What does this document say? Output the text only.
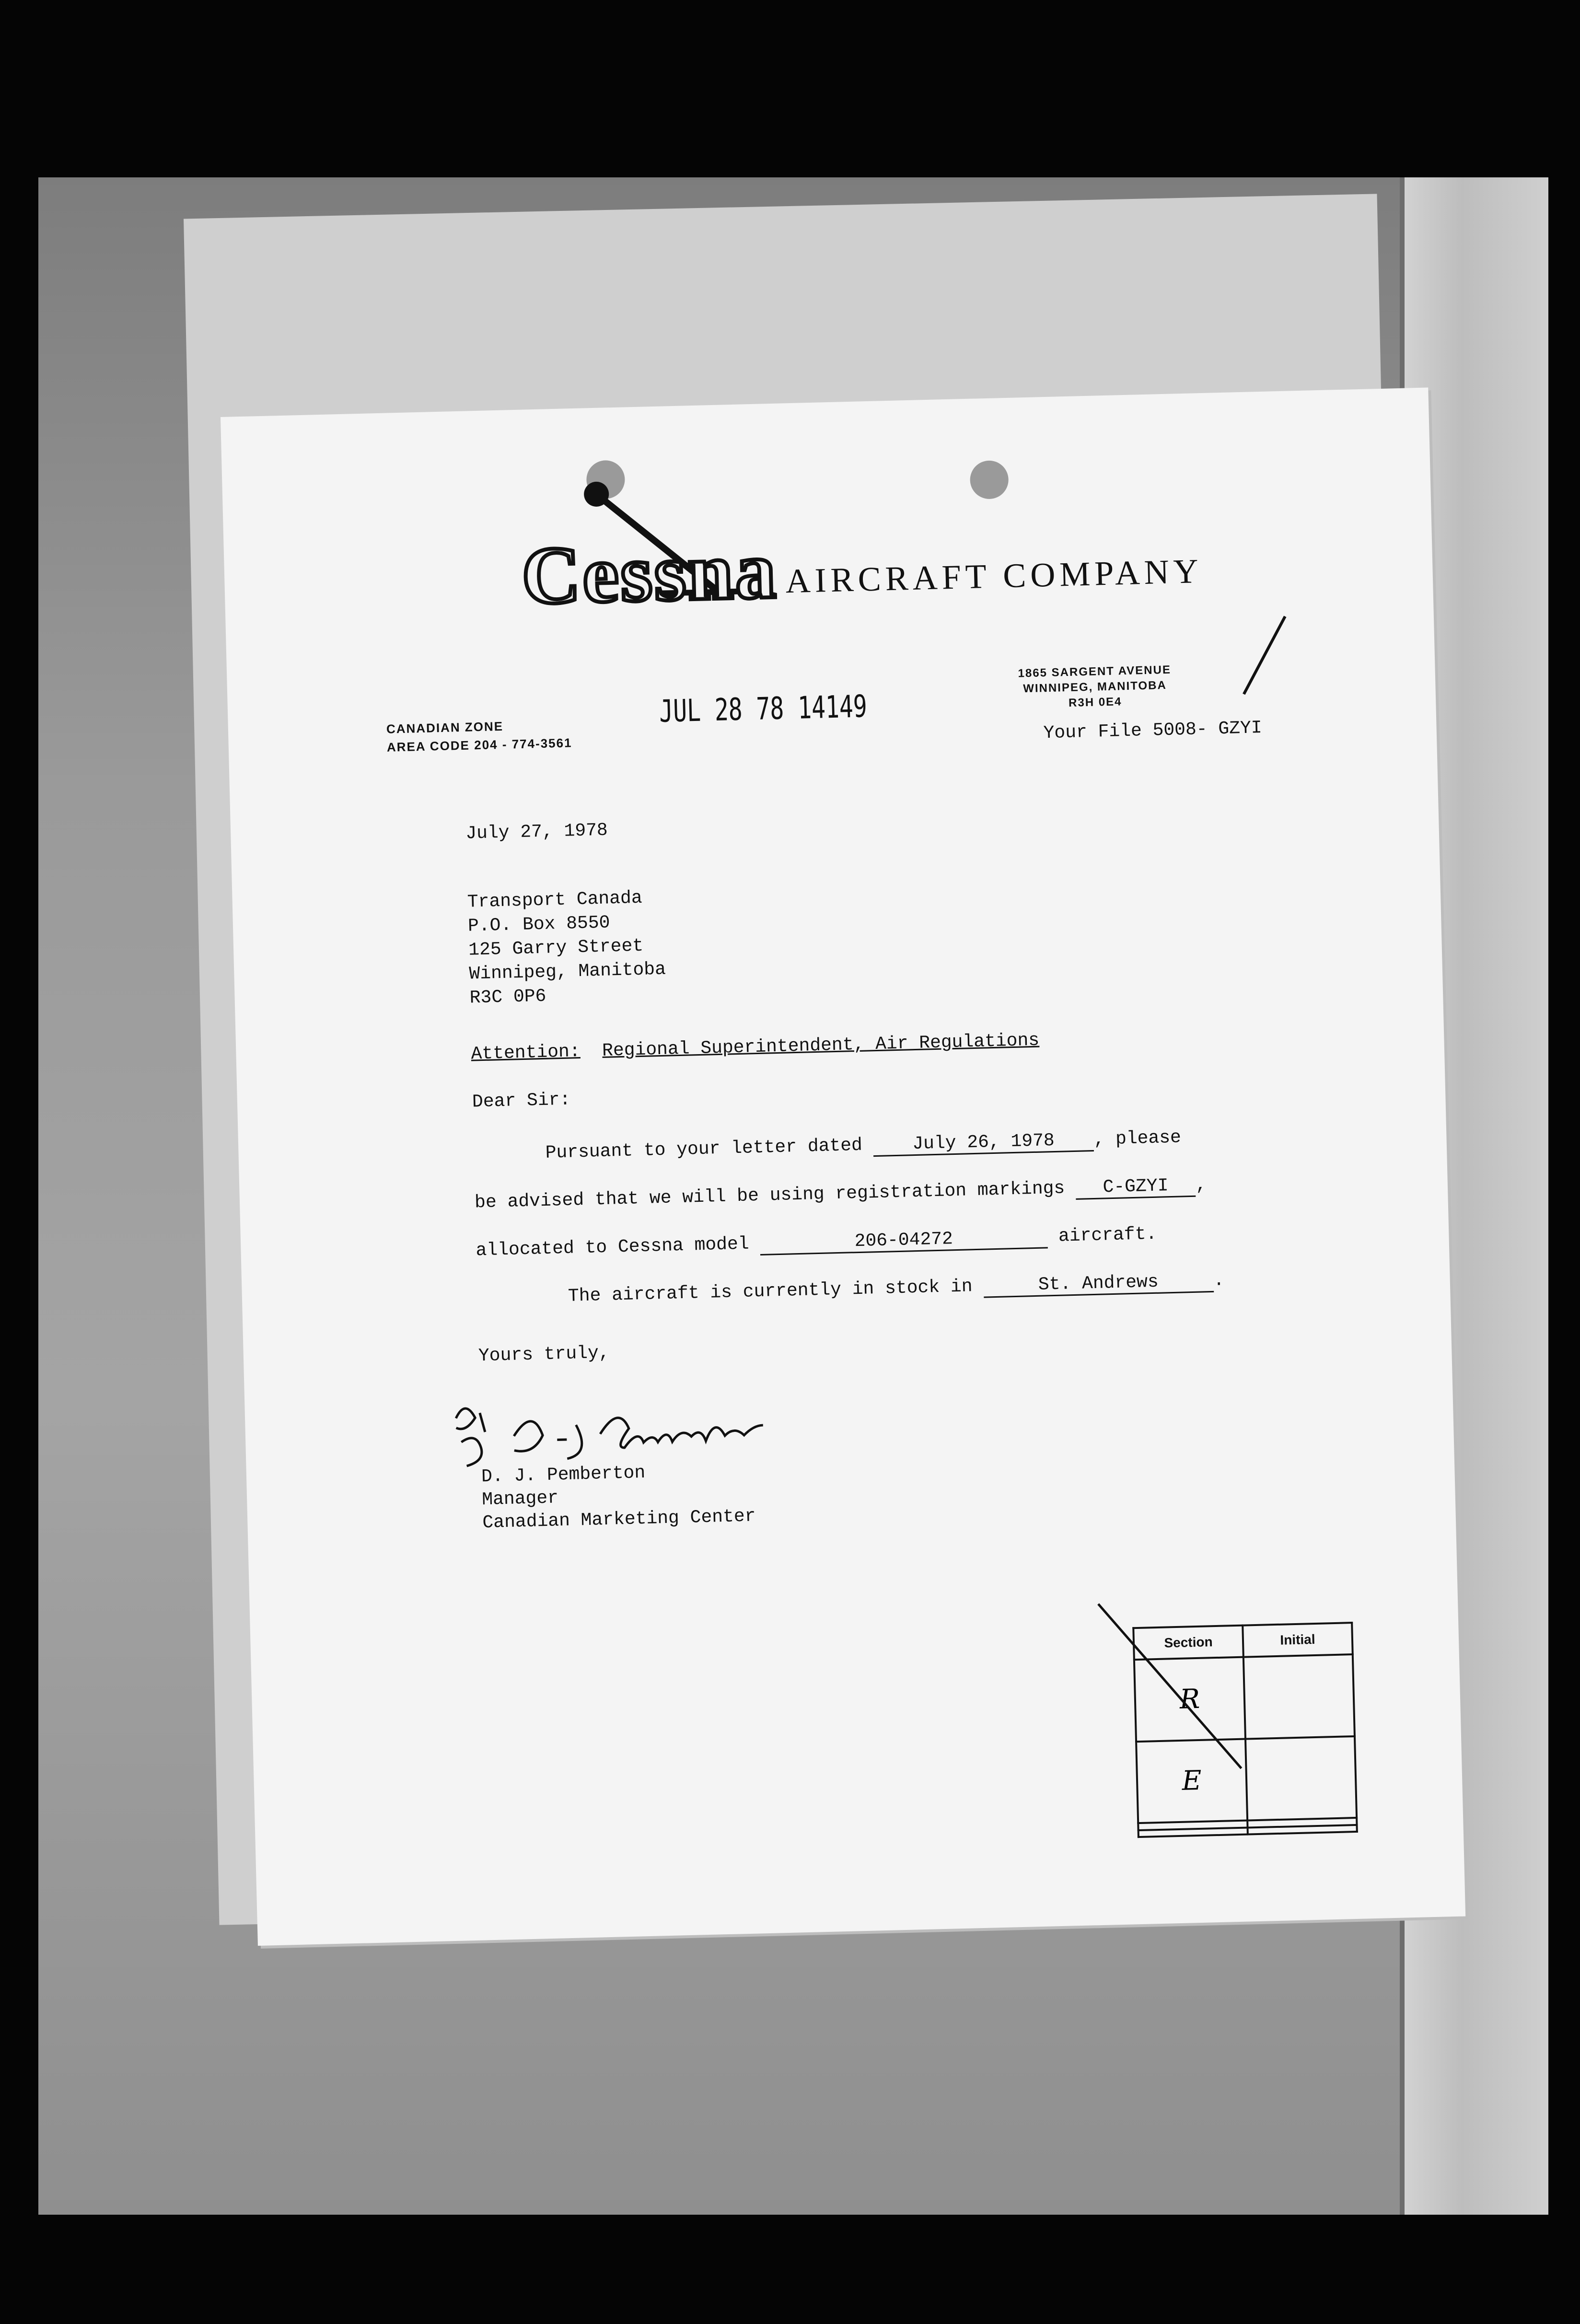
Cessna AIRCRAFT COMPANY
CANADIAN ZONE
AREA CODE 204 - 774-3561
JUL 28 78 14149
1865 SARGENT AVENUE
WINNIPEG, MANITOBA
R3H 0E4
Your File 5008- GZYI
July 27, 1978
Transport Canada
P.O. Box 8550
125 Garry Street
Winnipeg, Manitoba
R3C 0P6
Attention: Regional Superintendent, Air Regulations
Dear Sir:
Pursuant to your letter dated	July 26, 1978 , please
be advised that we will be using registration markings C-GZYI ,
allocated to Cessna model	206-04272	aircraft.
The aircraft is currently in stock in	St. Andrews	.
Yours truly,
D. J. Pemberton
Manager
Canadian Marketing Center
Section	Initial
R	
E	
